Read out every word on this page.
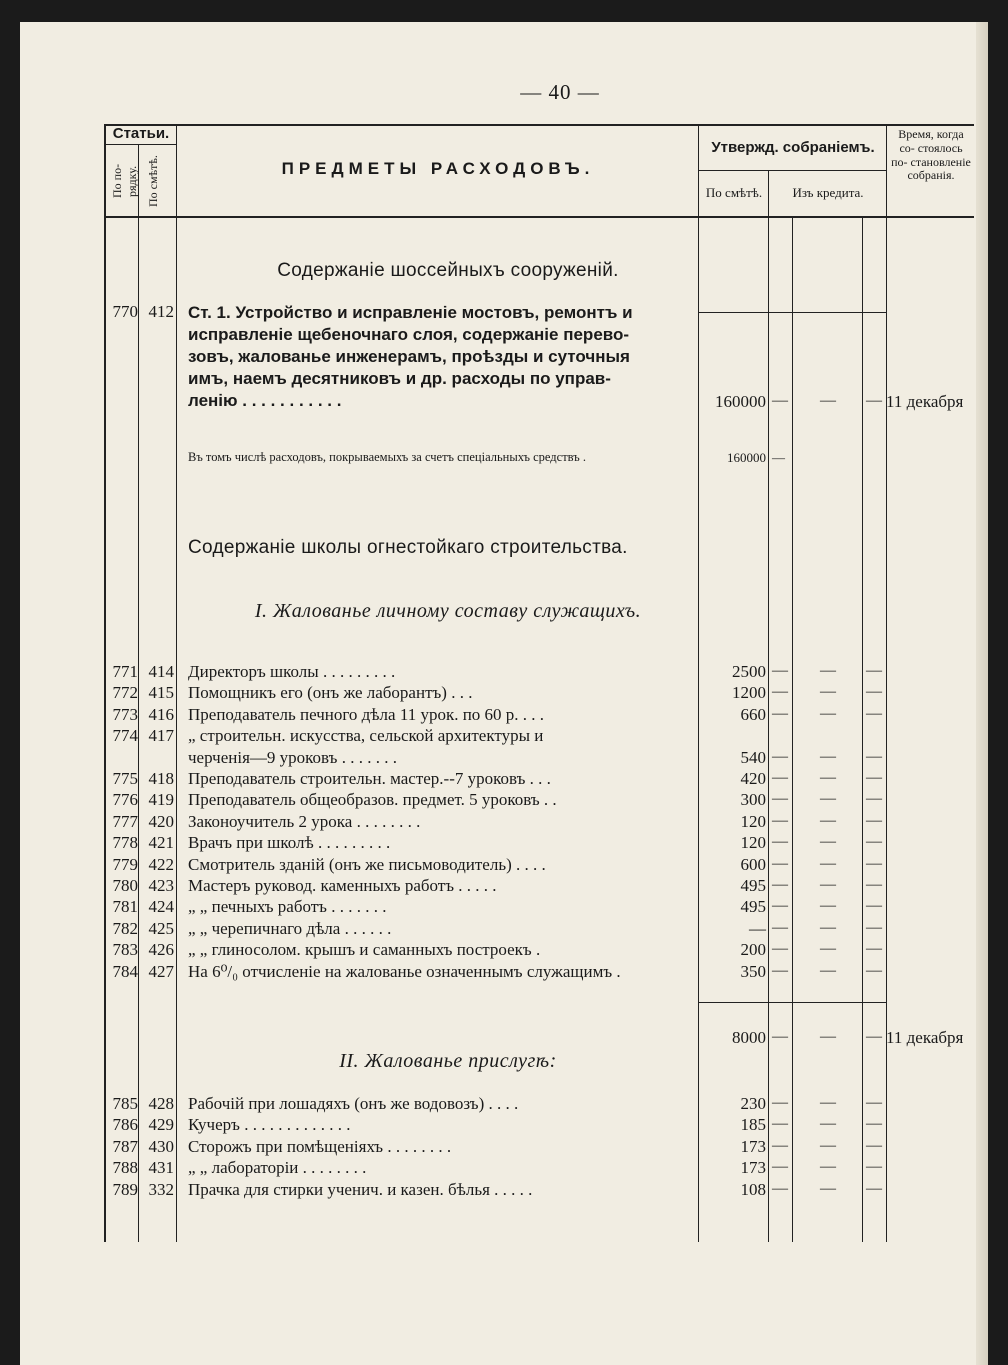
— 40 —
Статьи.
По по- рядку. По смѣтѣ.	ПРЕДМЕТЫ РАСХОДОВЪ.
Утвержд. собраніемъ.
По смѣтѣ.	Изъ кредита.
Время, когда со- стоялось по- становленіе собранія.
Содержаніе шоссейныхъ сооруженій.
770 412 Ст. 1. Устройство и исправленіе мостовъ, ремонтъ и
исправленіе щебеночнаго слоя, содержаніе перево-
зовъ, жалованье инженерамъ, проѣзды и суточныя
имъ, наемъ десятниковъ и др. расходы по управ-
ленію . . . . . . . . . . .	160000 — — — 11 декабря
Въ томъ числѣ расходовъ, покрываемыхъ за счетъ спеціальныхъ средствъ .	160000 —
Содержаніе школы огнестойкаго строительства.
I. Жалованье личному составу служащихъ.
771 414 Директоръ школы . . . . . . . . .	2500 — — —
772 415 Помощникъ его (онъ же лаборантъ) . . .	1200 — — —
773 416 Преподаватель печного дѣла 11 урок. по 60 р. . . .	660 — — —
774 417 „ строительн. искусства, сельской архитектуры и
черченія—9 уроковъ . . . . . . .	540 — — —
775 418 Преподаватель строительн. мастер.--7 уроковъ . . .	420 — — —
776 419 Преподаватель общеобразов. предмет. 5 уроковъ . .	300 — — —
777 420 Законоучитель 2 урока . . . . . . . .	120 — — —
778 421 Врачъ при школѣ . . . . . . . . .	120 — — —
779 422 Смотритель зданій (онъ же письмоводитель) . . . .	600 — — —
780 423 Мастеръ руковод. каменныхъ работъ . . . . .	495 — — —
781 424 „ „ печныхъ работъ . . . . . . .	495 — — —
782 425 „ „ черепичнаго дѣла . . . . . .	— — — —
783 426 „ „ глиносолом. крышъ и саманныхъ построекъ .	200 — — —
784 427 На 6⁰/₀ отчисленіе на жалованье означеннымъ служащимъ .	350 — — —
8000 — — — 11 декабря
II. Жалованье прислугѣ:
785 428 Рабочій при лошадяхъ (онъ же водовозъ) . . . .	230 — — —
786 429 Кучеръ . . . . . . . . . . . . .	185 — — —
787 430 Сторожъ при помѣщеніяхъ . . . . . . . .	173 — — —
788 431 „ „ лабораторіи . . . . . . . .	173 — — —
789 332 Прачка для стирки ученич. и казен. бѣлья . . . . .	108 — — —
